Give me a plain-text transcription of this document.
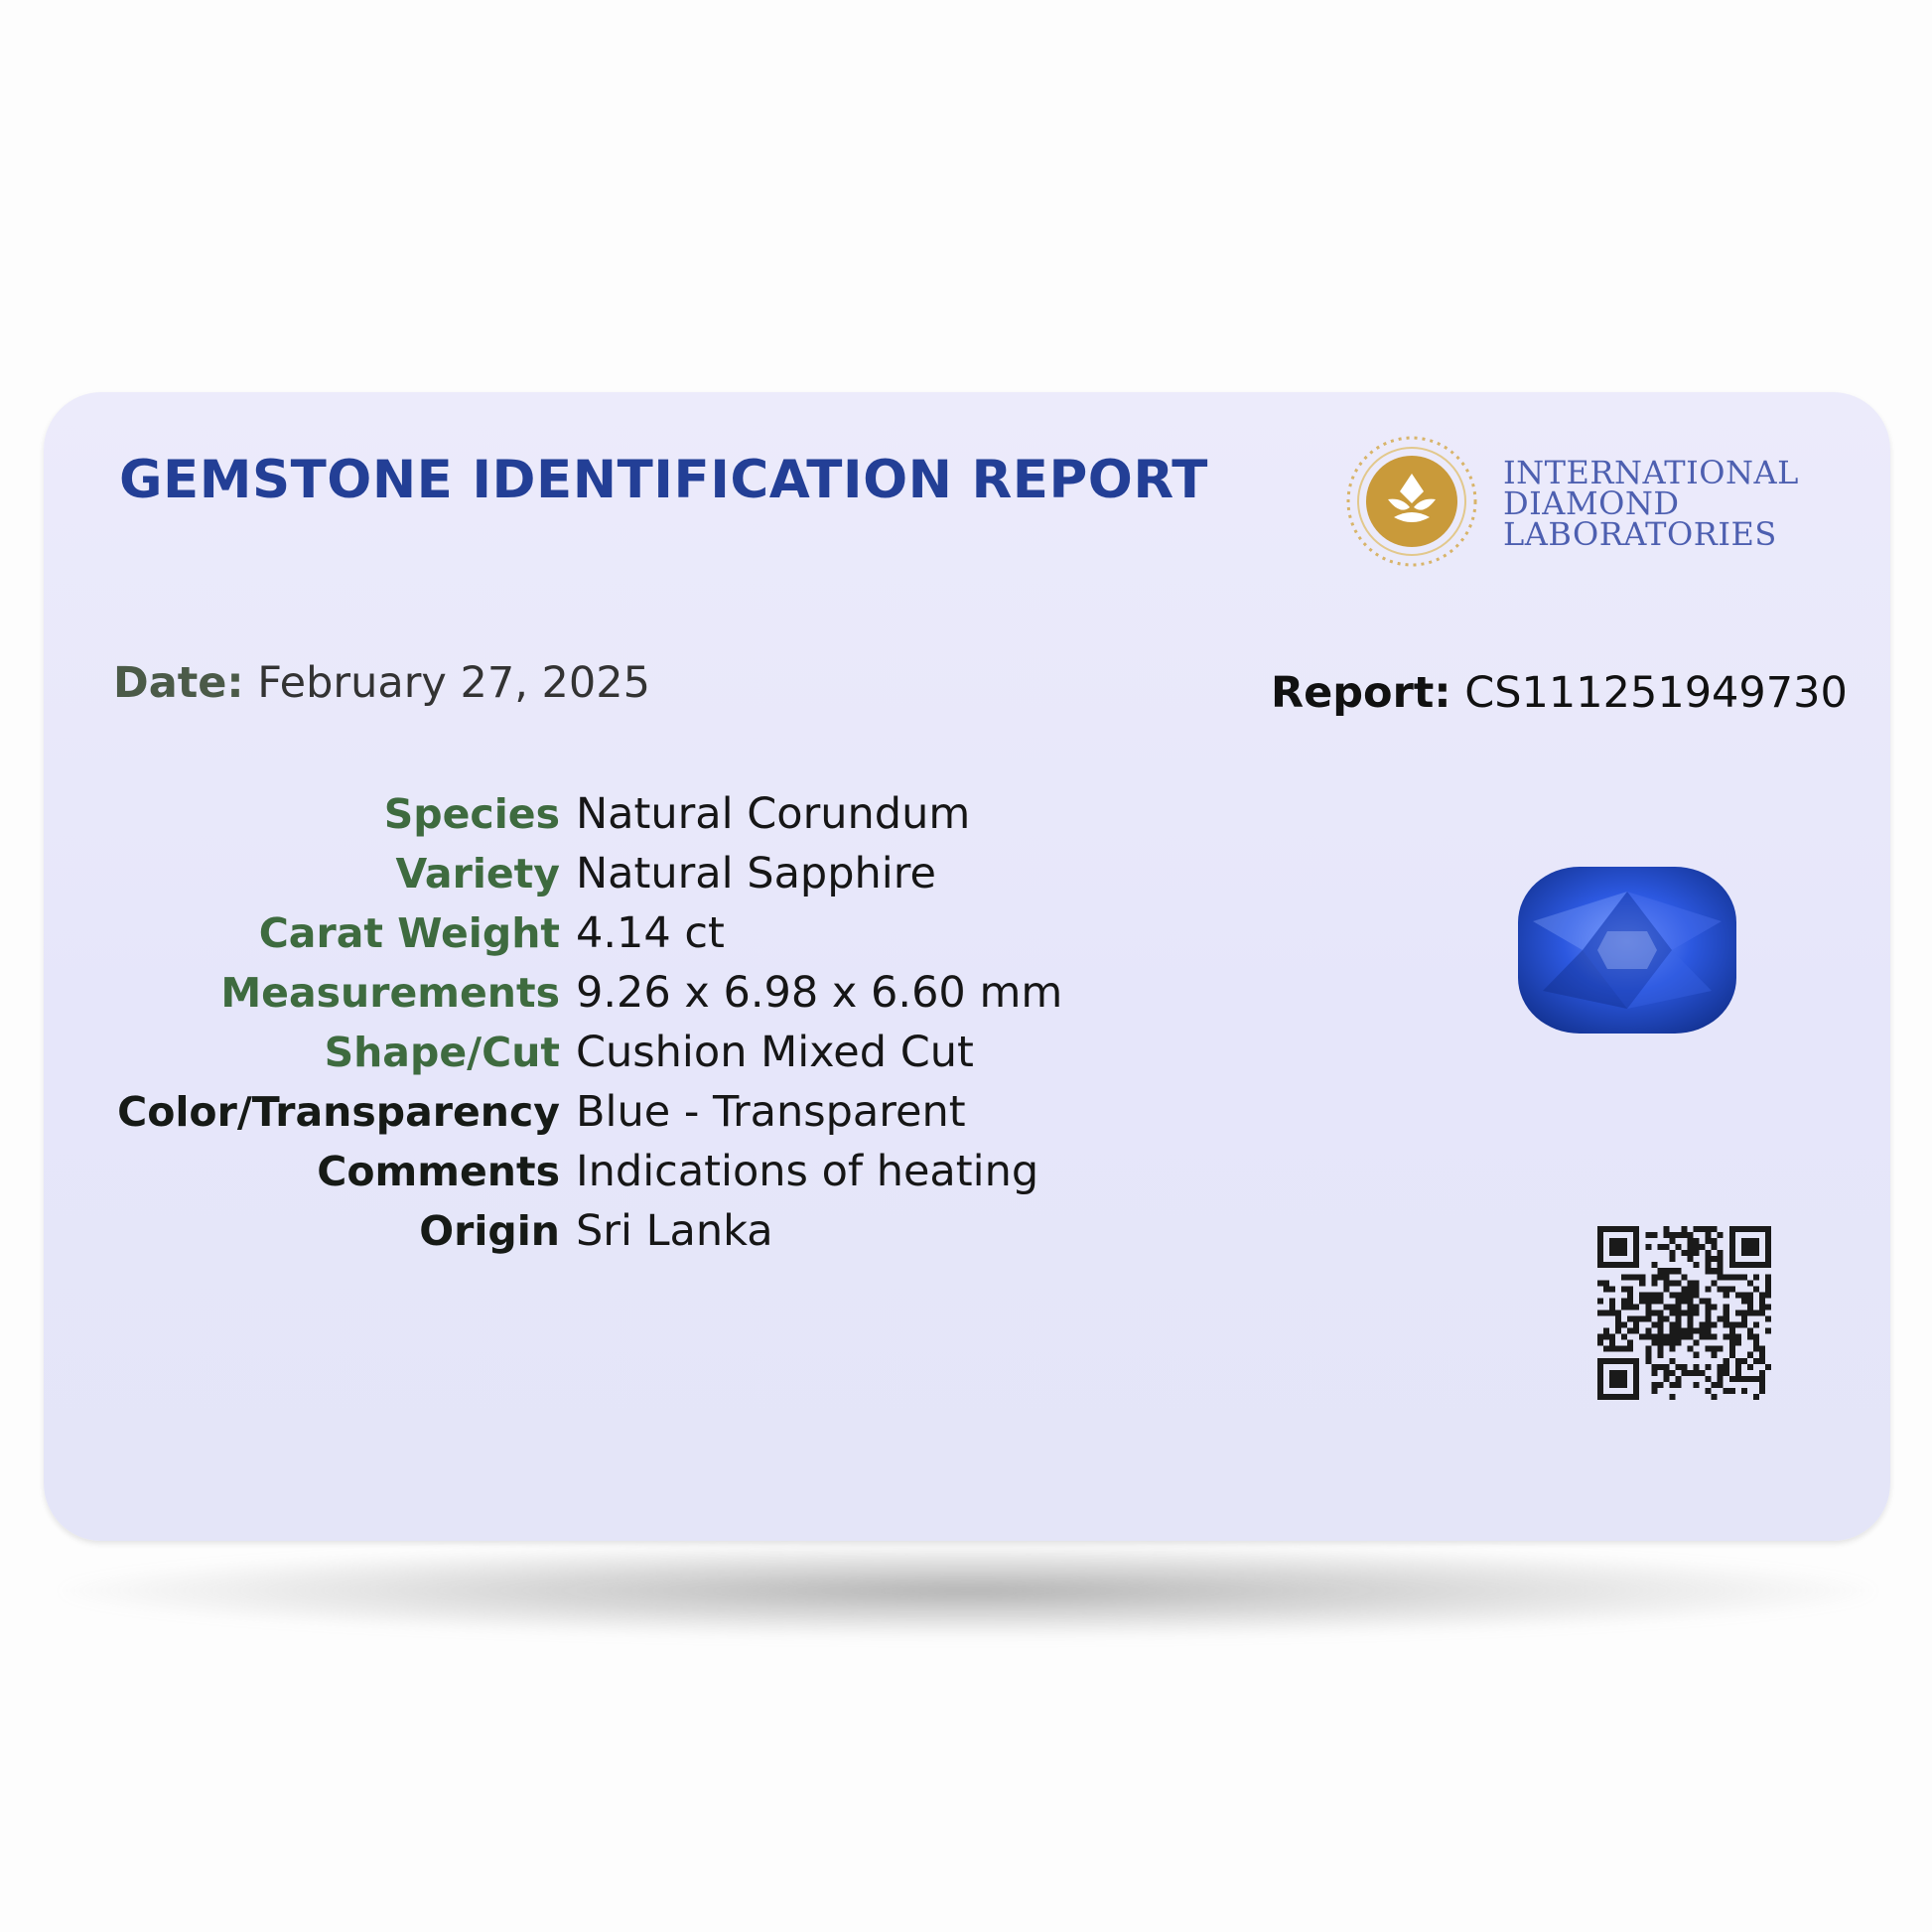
GEMSTONE IDENTIFICATION REPORT	INTERNATIONAL
DIAMOND
LABORATORIES
Date: February 27, 2025	Report: CS111251949730
Species Natural Corundum
Variety Natural Sapphire
Carat Weight 4.14 ct
Measurements 9.26 x 6.98 x 6.60 mm
Shape/Cut Cushion Mixed Cut
Color/Transparency Blue - Transparent
Comments Indications of heating
Origin Sri Lanka
